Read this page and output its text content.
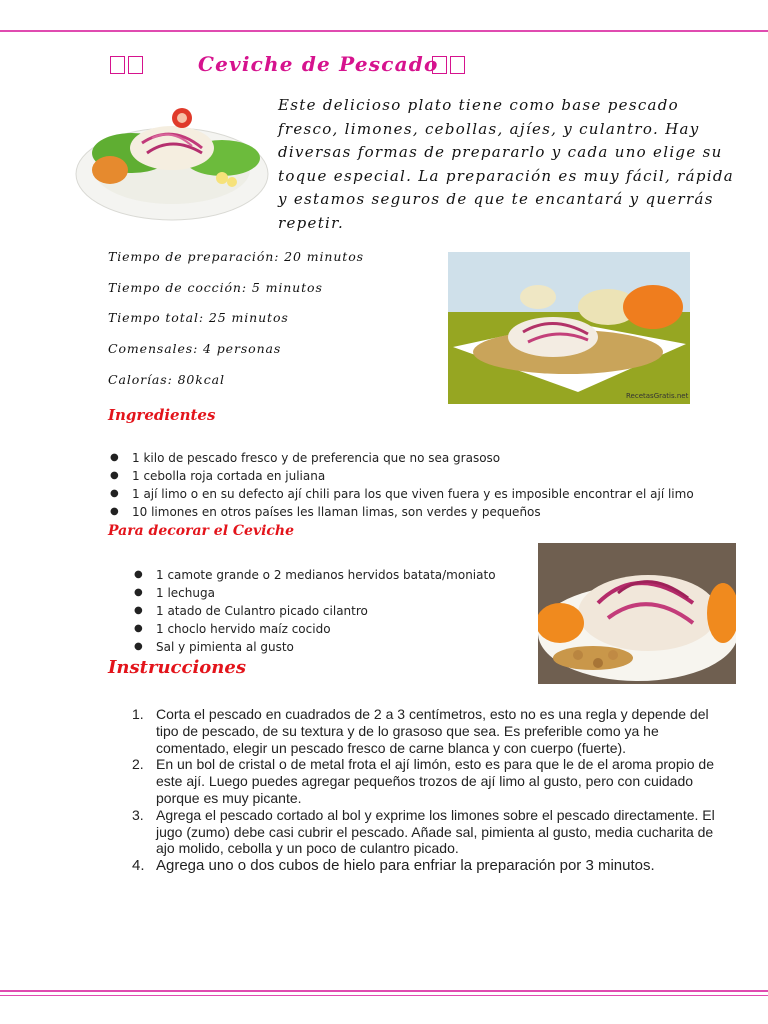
Ceviche de Pescado
Este delicioso plato tiene como base pescado fresco, limones, cebollas, ajíes, y culantro. Hay diversas formas de prepararlo y cada uno elige su toque especial. La preparación es muy fácil, rápida y estamos seguros de que te encantará y querrás repetir.
Tiempo de preparación: 20 minutos
Tiempo de cocción: 5 minutos
Tiempo total: 25 minutos
Comensales: 4 personas
Calorías: 80kcal
RecetasGratis.net
Ingredientes
● 1 kilo de pescado fresco y de preferencia que no sea grasoso
● 1 cebolla roja cortada en juliana
● 1 ají limo o en su defecto ají chili para los que viven fuera y es imposible encontrar el ají limo
● 10 limones en otros países les llaman limas, son verdes y pequeños
Para decorar el Ceviche
● 1 camote grande o 2 medianos hervidos batata/moniato
● 1 lechuga
● 1 atado de Culantro picado cilantro
● 1 choclo hervido maíz cocido
● Sal y pimienta al gusto
Instrucciones
1. Corta el pescado en cuadrados de 2 a 3 centímetros, esto no es una regla y depende del tipo de pescado, de su textura y de lo grasoso que sea. Es preferible como ya he comentado, elegir un pescado fresco de carne blanca y con cuerpo (fuerte).
2. En un bol de cristal o de metal frota el ají limón, esto es para que le de el aroma propio de este ají. Luego puedes agregar pequeños trozos de ají limo al gusto, pero con cuidado porque es muy picante.
3. Agrega el pescado cortado al bol y exprime los limones sobre el pescado directamente. El jugo (zumo) debe casi cubrir el pescado. Añade sal, pimienta al gusto, media cucharita de ajo molido, cebolla y un poco de culantro picado.
4. Agrega uno o dos cubos de hielo para enfriar la preparación por 3 minutos.
